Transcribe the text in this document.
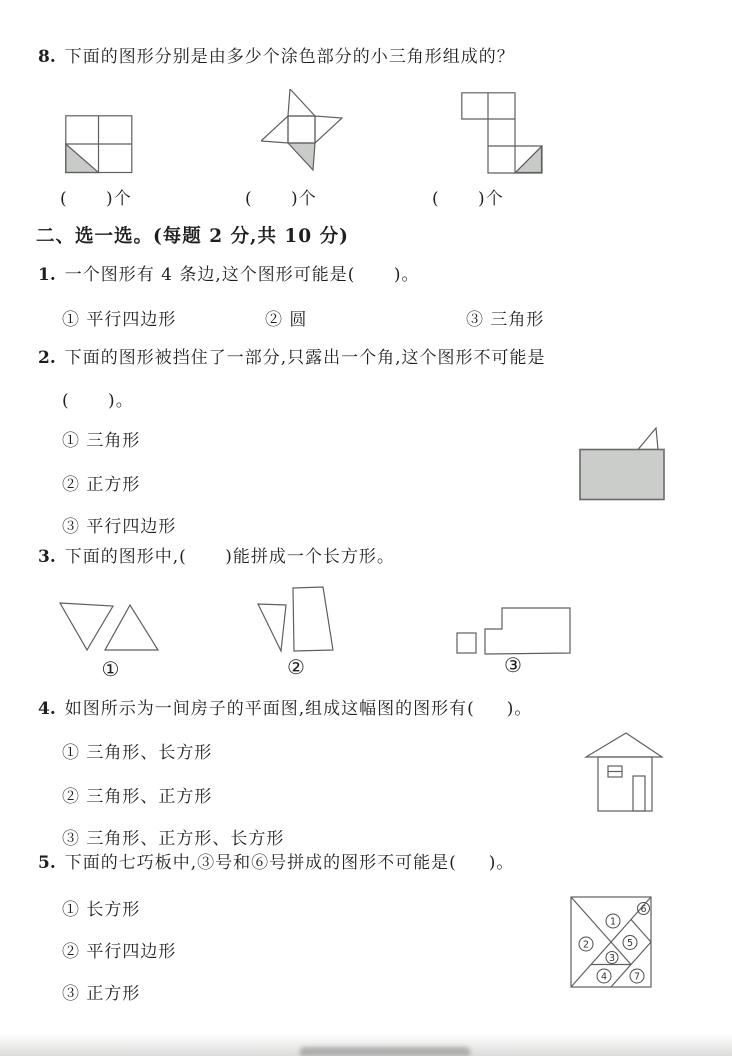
8. 下面的图形分别是由多少个涂色部分的小三角形组成的？
(      )个	(      )个	(      )个
二、选一选。(每题 2 分,共 10 分)
1. 一个图形有 4 条边,这个图形可能是(      )。
① 平行四边形	② 圆	③ 三角形
2. 下面的图形被挡住了一部分,只露出一个角,这个图形不可能是
(      )。
① 三角形
② 正方形
③ 平行四边形
3. 下面的图形中,(      )能拼成一个长方形。
①	②	③
4. 如图所示为一间房子的平面图,组成这幅图的图形有(     )。
① 三角形、长方形
② 三角形、正方形
③ 三角形、正方形、长方形
5. 下面的七巧板中,③号和⑥号拼成的图形不可能是(     )。
① 长方形
② 平行四边形
③ 正方形
1
2
3
4
5
6
7
